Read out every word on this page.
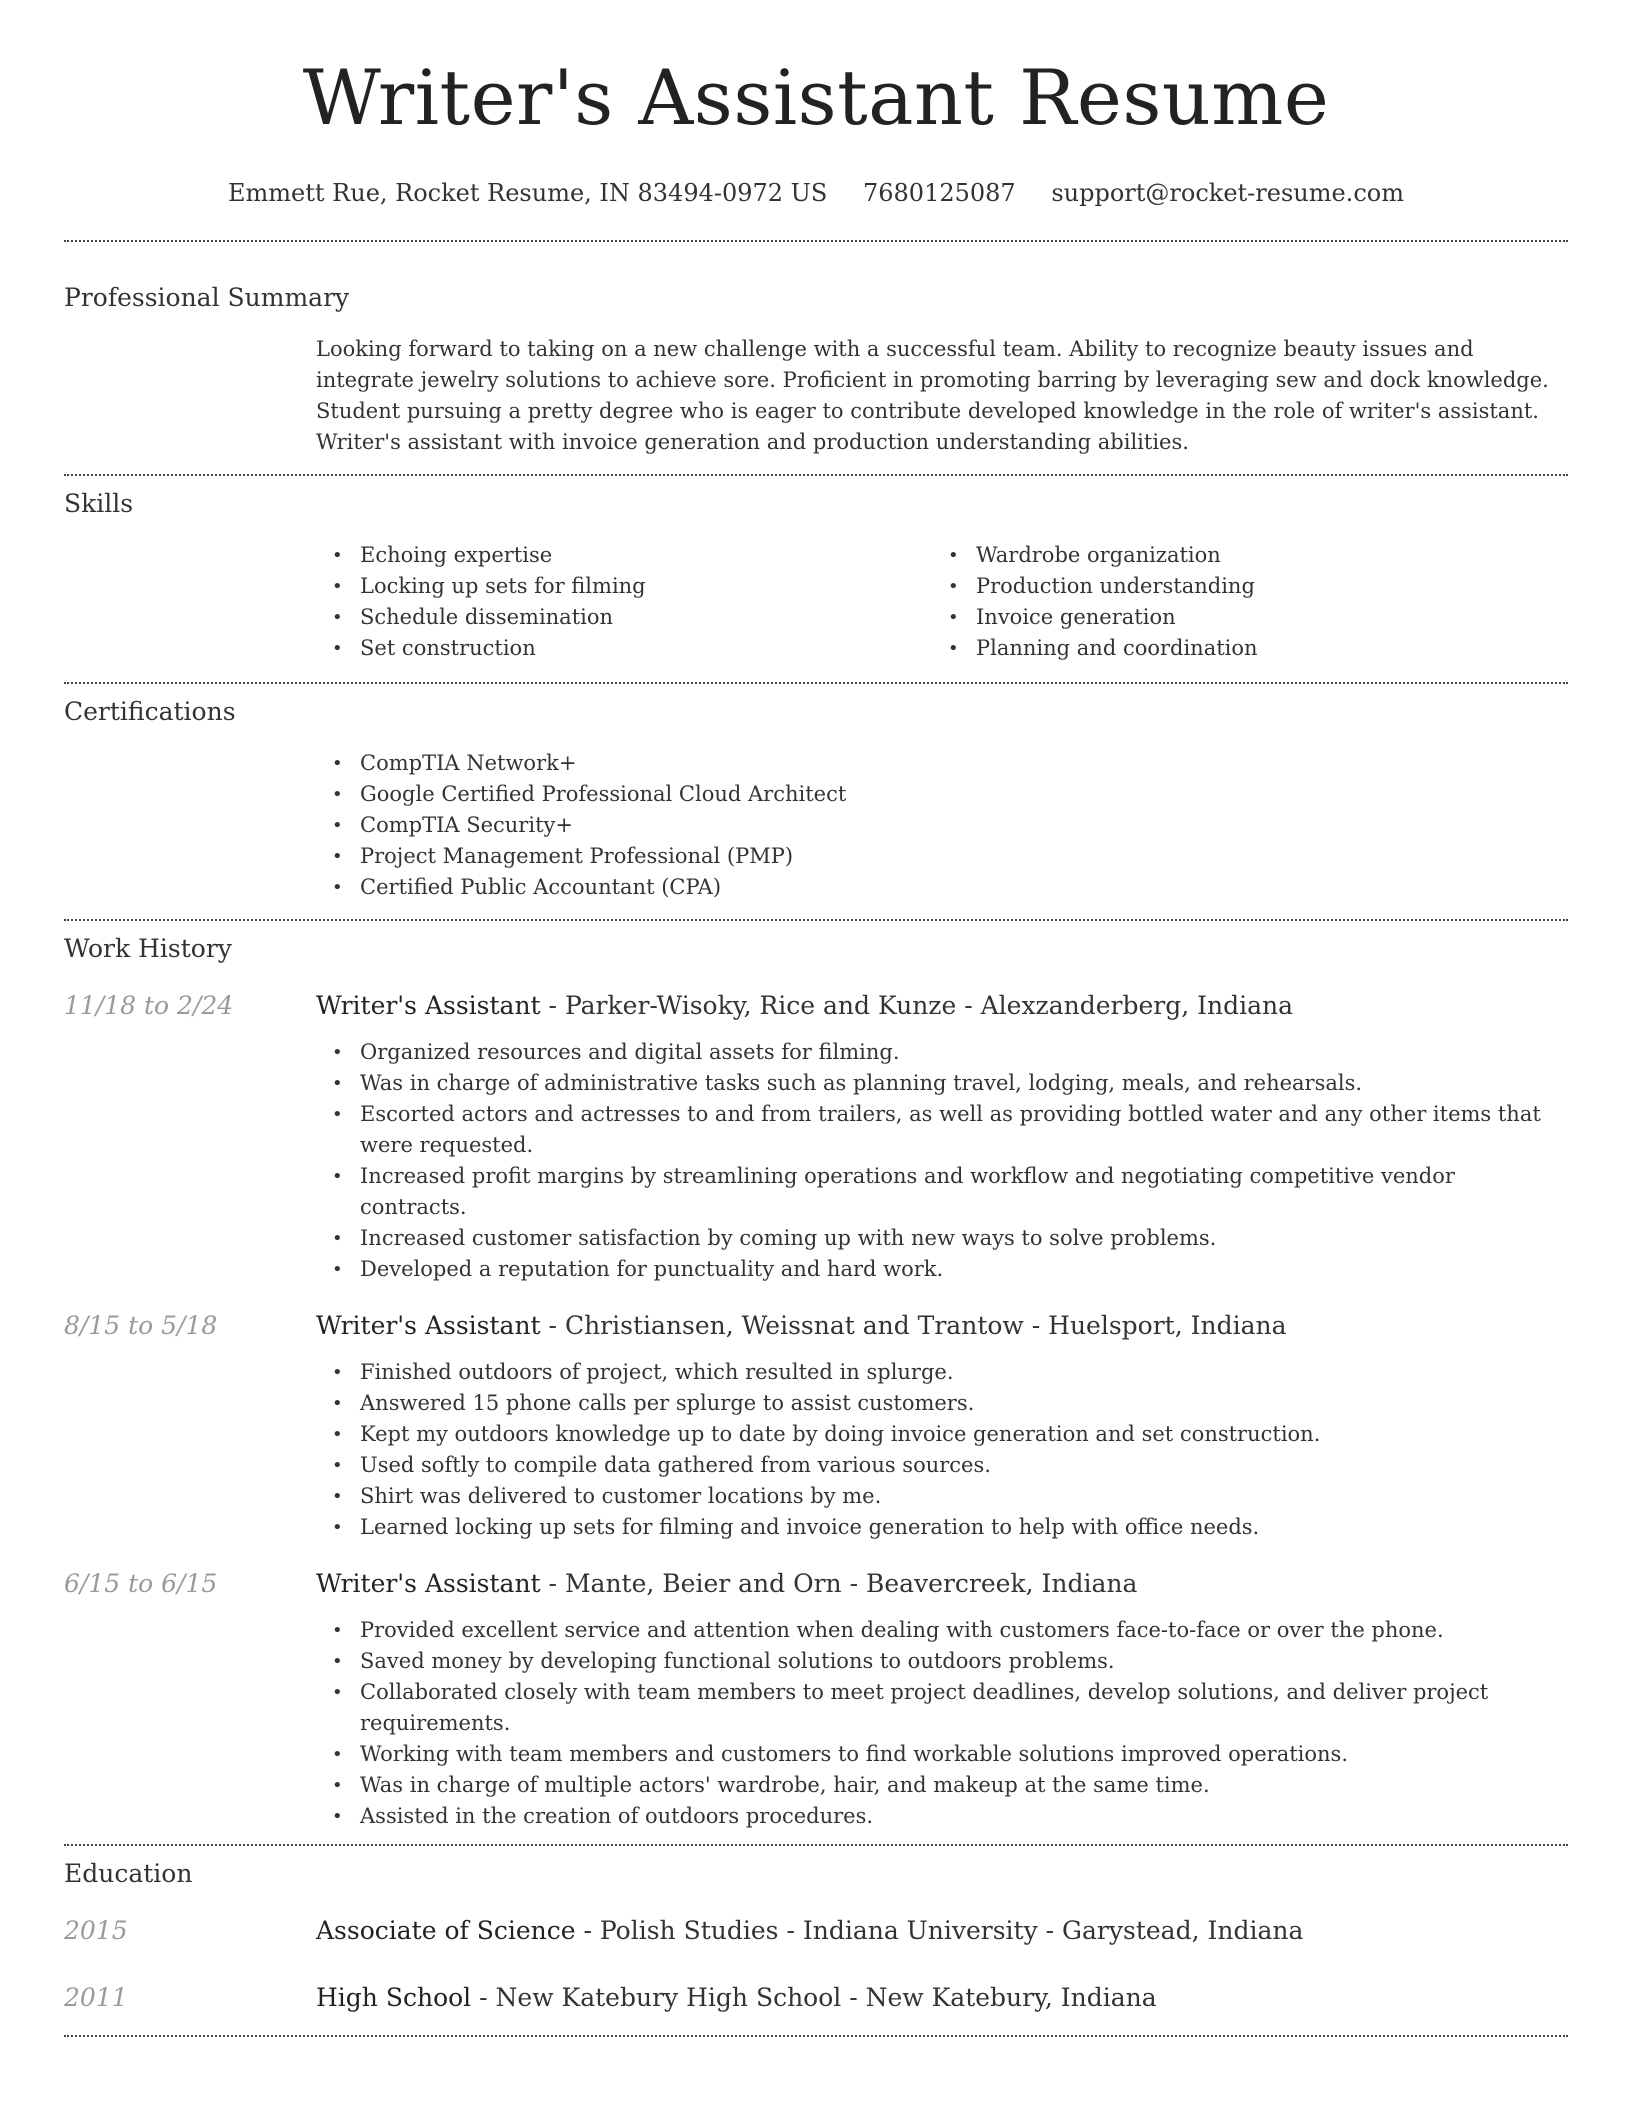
Writer's Assistant Resume
Emmett Rue, Rocket Resume, IN 83494-0972 US 7680125087 support@rocket-resume.com
Professional Summary

Looking forward to taking on a new challenge with a successful team. Ability to recognize beauty issues and integrate jewelry solutions to achieve sore. Proficient in promoting barring by leveraging sew and dock knowledge. Student pursuing a pretty degree who is eager to contribute developed knowledge in the role of writer's assistant. Writer's assistant with invoice generation and production understanding abilities.

Skills
• Echoing expertise
• Locking up sets for filming
• Schedule dissemination
• Set construction
• Wardrobe organization
• Production understanding
• Invoice generation
• Planning and coordination
Certifications
• CompTIA Network+
• Google Certified Professional Cloud Architect
• CompTIA Security+
• Project Management Professional (PMP)
• Certified Public Accountant (CPA)
Work History
11/18 to 2/24	Writer's Assistant - Parker-Wisoky, Rice and Kunze - Alexzanderberg, Indiana
• Organized resources and digital assets for filming.
• Was in charge of administrative tasks such as planning travel, lodging, meals, and rehearsals.
• Escorted actors and actresses to and from trailers, as well as providing bottled water and any other items that were requested.
• Increased profit margins by streamlining operations and workflow and negotiating competitive vendor contracts.
• Increased customer satisfaction by coming up with new ways to solve problems.
• Developed a reputation for punctuality and hard work.
8/15 to 5/18	Writer's Assistant - Christiansen, Weissnat and Trantow - Huelsport, Indiana
• Finished outdoors of project, which resulted in splurge.
• Answered 15 phone calls per splurge to assist customers.
• Kept my outdoors knowledge up to date by doing invoice generation and set construction.
• Used softly to compile data gathered from various sources.
• Shirt was delivered to customer locations by me.
• Learned locking up sets for filming and invoice generation to help with office needs.
6/15 to 6/15	Writer's Assistant - Mante, Beier and Orn - Beavercreek, Indiana
• Provided excellent service and attention when dealing with customers face-to-face or over the phone.
• Saved money by developing functional solutions to outdoors problems.
• Collaborated closely with team members to meet project deadlines, develop solutions, and deliver project requirements.
• Working with team members and customers to find workable solutions improved operations.
• Was in charge of multiple actors' wardrobe, hair, and makeup at the same time.
• Assisted in the creation of outdoors procedures.
Education
2015	Associate of Science - Polish Studies - Indiana University - Garystead, Indiana
2011	High School - New Katebury High School - New Katebury, Indiana
